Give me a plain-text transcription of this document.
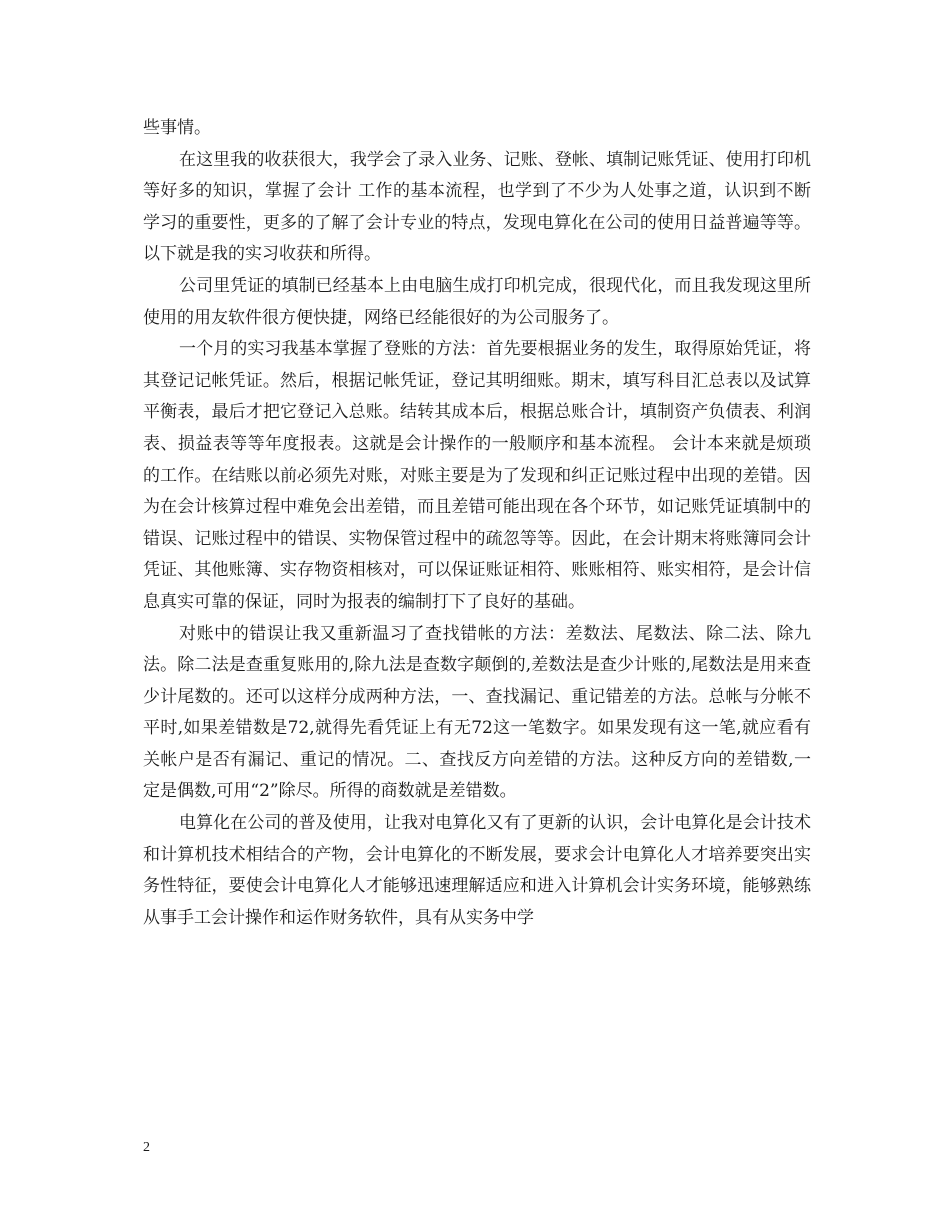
些事情。

在这里我的收获很大，我学会了录入业务、记账、登帐、填制记账凭证、使用打印机等好多的知识，掌握了会计 工作的基本流程，也学到了不少为人处事之道，认识到不断学习的重要性，更多的了解了会计专业的特点，发现电算化在公司的使用日益普遍等等。以下就是我的实习收获和所得。

公司里凭证的填制已经基本上由电脑生成打印机完成，很现代化，而且我发现这里所使用的用友软件很方便快捷，网络已经能很好的为公司服务了。

一个月的实习我基本掌握了登账的方法：首先要根据业务的发生，取得原始凭证，将其登记记帐凭证。然后，根据记帐凭证，登记其明细账。期末，填写科目汇总表以及试算平衡表，最后才把它登记入总账。结转其成本后，根据总账合计，填制资产负债表、利润表、损益表等等年度报表。这就是会计操作的一般顺序和基本流程。 会计本来就是烦琐的工作。在结账以前必须先对账，对账主要是为了发现和纠正记账过程中出现的差错。因为在会计核算过程中难免会出差错，而且差错可能出现在各个环节，如记账凭证填制中的错误、记账过程中的错误、实物保管过程中的疏忽等等。因此，在会计期末将账簿同会计凭证、其他账簿、实存物资相核对，可以保证账证相符、账账相符、账实相符，是会计信息真实可靠的保证，同时为报表的编制打下了良好的基础。

对账中的错误让我又重新温习了查找错帐的方法：差数法、尾数法、除二法、除九法。除二法是查重复账用的,除九法是查数字颠倒的,差数法是查少计账的,尾数法是用来查少计尾数的。还可以这样分成两种方法，一、查找漏记、重记错差的方法。总帐与分帐不平时,如果差错数是72,就得先看凭证上有无72这一笔数字。如果发现有这一笔,就应看有关帐户是否有漏记、重记的情况。二、查找反方向差错的方法。这种反方向的差错数,一定是偶数,可用“2”除尽。所得的商数就是差错数。

电算化在公司的普及使用，让我对电算化又有了更新的认识，会计电算化是会计技术和计算机技术相结合的产物，会计电算化的不断发展，要求会计电算化人才培养要突出实务性特征，要使会计电算化人才能够迅速理解适应和进入计算机会计实务环境，能够熟练从事手工会计操作和运作财务软件，具有从实务中学

2
